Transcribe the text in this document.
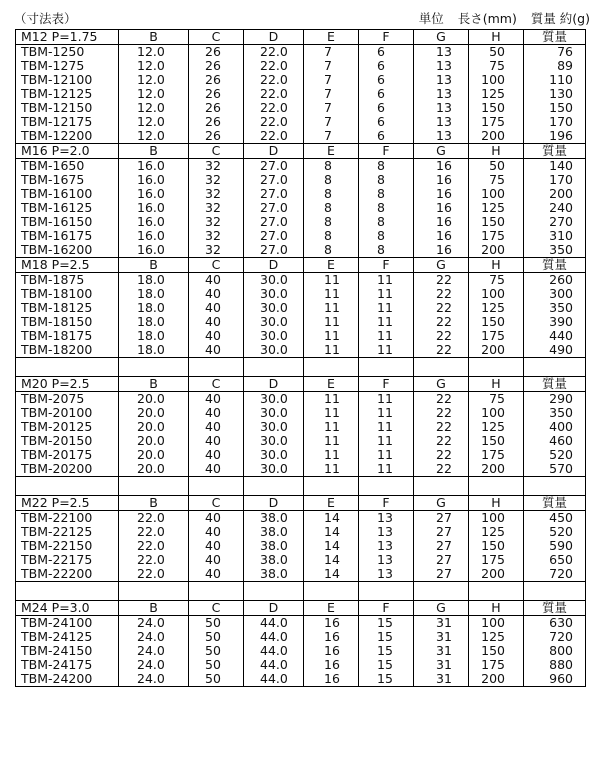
（寸法表）	単位 長さ(mm) 質量 約(g)
M12 P=1.75	B	C	D	E	F	G	H	質量
TBM-1250	12.0	26	22.0	7	6	13	50	76
TBM-1275	12.0	26	22.0	7	6	13	75	89
TBM-12100	12.0	26	22.0	7	6	13	100	110
TBM-12125	12.0	26	22.0	7	6	13	125	130
TBM-12150	12.0	26	22.0	7	6	13	150	150
TBM-12175	12.0	26	22.0	7	6	13	175	170
TBM-12200	12.0	26	22.0	7	6	13	200	196
M16 P=2.0	B	C	D	E	F	G	H	質量
TBM-1650	16.0	32	27.0	8	8	16	50	140
TBM-1675	16.0	32	27.0	8	8	16	75	170
TBM-16100	16.0	32	27.0	8	8	16	100	200
TBM-16125	16.0	32	27.0	8	8	16	125	240
TBM-16150	16.0	32	27.0	8	8	16	150	270
TBM-16175	16.0	32	27.0	8	8	16	175	310
TBM-16200	16.0	32	27.0	8	8	16	200	350
M18 P=2.5	B	C	D	E	F	G	H	質量
TBM-1875	18.0	40	30.0	11	11	22	75	260
TBM-18100	18.0	40	30.0	11	11	22	100	300
TBM-18125	18.0	40	30.0	11	11	22	125	350
TBM-18150	18.0	40	30.0	11	11	22	150	390
TBM-18175	18.0	40	30.0	11	11	22	175	440
TBM-18200	18.0	40	30.0	11	11	22	200	490

M20 P=2.5	B	C	D	E	F	G	H	質量
TBM-2075	20.0	40	30.0	11	11	22	75	290
TBM-20100	20.0	40	30.0	11	11	22	100	350
TBM-20125	20.0	40	30.0	11	11	22	125	400
TBM-20150	20.0	40	30.0	11	11	22	150	460
TBM-20175	20.0	40	30.0	11	11	22	175	520
TBM-20200	20.0	40	30.0	11	11	22	200	570

M22 P=2.5	B	C	D	E	F	G	H	質量
TBM-22100	22.0	40	38.0	14	13	27	100	450
TBM-22125	22.0	40	38.0	14	13	27	125	520
TBM-22150	22.0	40	38.0	14	13	27	150	590
TBM-22175	22.0	40	38.0	14	13	27	175	650
TBM-22200	22.0	40	38.0	14	13	27	200	720

M24 P=3.0	B	C	D	E	F	G	H	質量
TBM-24100	24.0	50	44.0	16	15	31	100	630
TBM-24125	24.0	50	44.0	16	15	31	125	720
TBM-24150	24.0	50	44.0	16	15	31	150	800
TBM-24175	24.0	50	44.0	16	15	31	175	880
TBM-24200	24.0	50	44.0	16	15	31	200	960
